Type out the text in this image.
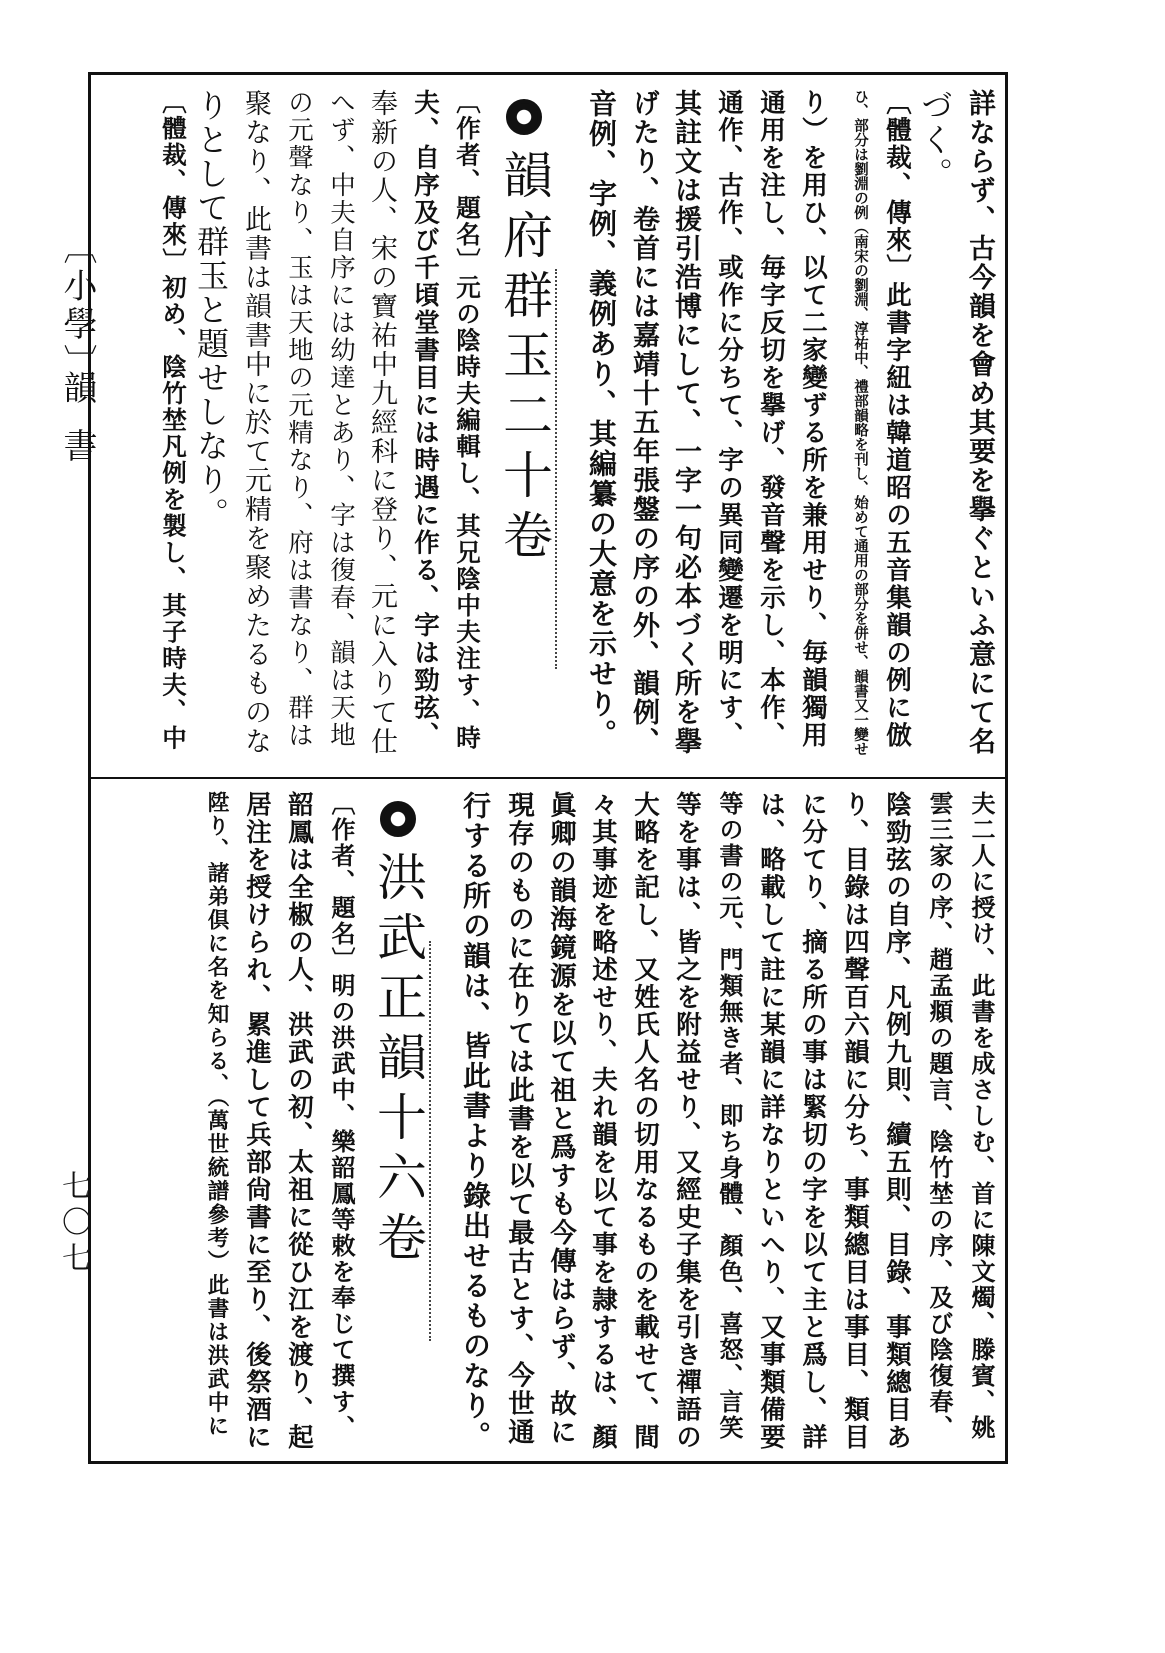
〔小學〕
韻書
七〇七
詳ならず、古今韻を會め其要を擧ぐといふ意にて名
づく。
〔體裁、傳來〕此書字紐は韓道昭の五音集韻の例に倣
ひ、部分は劉淵の例（南宋の劉淵、淳祐中、禮部韻略を刊し、始めて通用の部分を併せ、韻書又一變せ
り）を用ひ、以て二家變ずる所を兼用せり、毎韻獨用
通用を注し、毎字反切を擧げ、發音聲を示し、本作、
通作、古作、或作に分ちて、字の異同變遷を明にす、
其註文は援引浩博にして、一字一句必本づく所を擧
げたり、卷首には嘉靖十五年張鎜の序の外、韻例、
音例、字例、義例あり、其編纂の大意を示せり。
韻府群玉二十卷
〔作者、題名〕元の陰時夫編輯し、其兄陰中夫注す、時
夫、自序及び千頃堂書目には時遇に作る、字は勁弦、
奉新の人、宋の寶祐中九經科に登り、元に入りて仕
へず、中夫自序には幼達とあり、字は復春、韻は天地
の元聲なり、玉は天地の元精なり、府は書なり、群は
聚なり、此書は韻書中に於て元精を聚めたるものな
りとして群玉と題せしなり。
〔體裁、傳來〕初め、陰竹埜凡例を製し、其子時夫、中
夫二人に授け、此書を成さしむ、首に陳文燭、滕賓、姚
雲三家の序、趙孟頫の題言、陰竹埜の序、及び陰復春、
陰勁弦の自序、凡例九則、續五則、目錄、事類總目あ
り、目錄は四聲百六韻に分ち、事類總目は事目、類目
に分てり、摘る所の事は緊切の字を以て主と爲し、詳
は、略載して註に某韻に詳なりといへり、又事類備要
等の書の元、門類無き者、即ち身體、顏色、喜怒、言笑
等を事は、皆之を附益せり、又經史子集を引き禪語の
大略を記し、又姓氏人名の切用なるものを載せて、間
々其事迹を略述せり、夫れ韻を以て事を隷するは、顏
眞卿の韻海鏡源を以て祖と爲すも今傳はらず、故に
現存のものに在りては此書を以て最古とす、今世通
行する所の韻は、皆此書より錄出せるものなり。
洪武正韻十六卷
〔作者、題名〕明の洪武中、樂韶鳳等敕を奉じて撰す、
韶鳳は全椒の人、洪武の初、太祖に從ひ江を渡り、起
居注を授けられ、累進して兵部尙書に至り、後祭酒に
陞り、諸弟倶に名を知らる、（萬世統譜參考）此書は洪武中に
